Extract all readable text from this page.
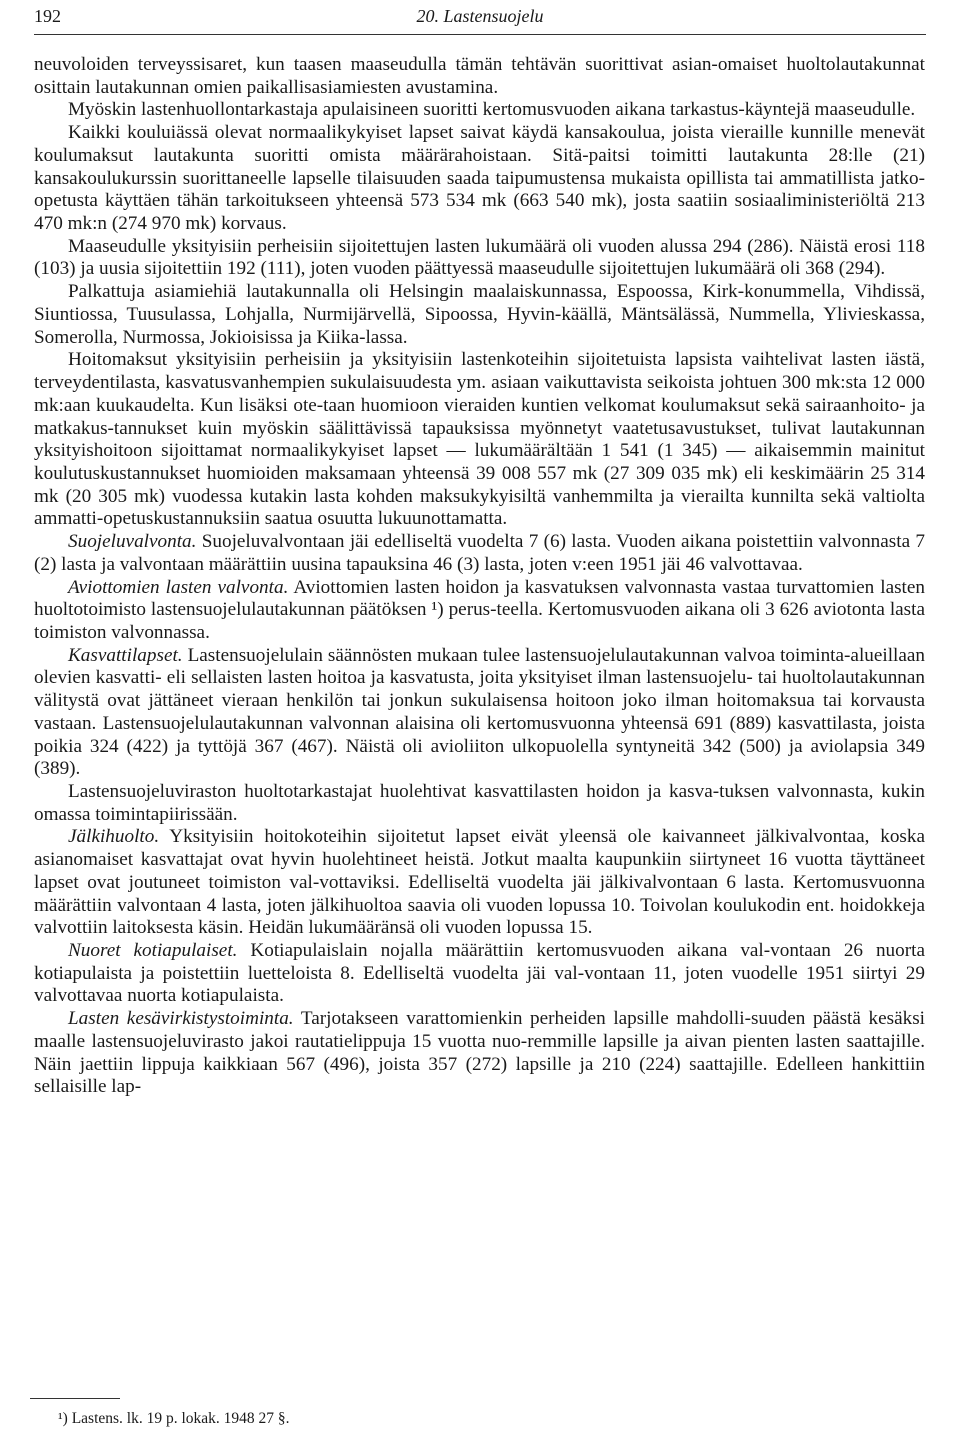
192	20. Lastensuojelu

neuvoloiden terveyssisaret, kun taasen maaseudulla tämän tehtävän suorittivat asian-omaiset huoltolautakunnat osittain lautakunnan omien paikallisasiamiesten avustamina.

Myöskin lastenhuollontarkastaja apulaisineen suoritti kertomusvuoden aikana tarkastus-käyntejä maaseudulle.

Kaikki kouluiässä olevat normaalikykyiset lapset saivat käydä kansakoulua, joista vieraille kunnille menevät koulumaksut lautakunta suoritti omista määrärahoistaan. Sitä-paitsi toimitti lautakunta 28:lle (21) kansakoulukurssin suorittaneelle lapselle tilaisuuden saada taipumustensa mukaista opillista tai ammatillista jatko-opetusta käyttäen tähän tarkoitukseen yhteensä 573 534 mk (663 540 mk), josta saatiin sosiaaliministeriöltä 213 470 mk:n (274 970 mk) korvaus.

Maaseudulle yksityisiin perheisiin sijoitettujen lasten lukumäärä oli vuoden alussa 294 (286). Näistä erosi 118 (103) ja uusia sijoitettiin 192 (111), joten vuoden päättyessä maaseudulle sijoitettujen lukumäärä oli 368 (294).

Palkattuja asiamiehiä lautakunnalla oli Helsingin maalaiskunnassa, Espoossa, Kirk-konummella, Vihdissä, Siuntiossa, Tuusulassa, Lohjalla, Nurmijärvellä, Sipoossa, Hyvin-käällä, Mäntsälässä, Nummella, Ylivieskassa, Somerolla, Nurmossa, Jokioisissa ja Kiika-lassa.

Hoitomaksut yksityisiin perheisiin ja yksityisiin lastenkoteihin sijoitetuista lapsista vaihtelivat lasten iästä, terveydentilasta, kasvatusvanhempien sukulaisuudesta ym. asiaan vaikuttavista seikoista johtuen 300 mk:sta 12 000 mk:aan kuukaudelta. Kun lisäksi ote-taan huomioon vieraiden kuntien velkomat koulumaksut sekä sairaanhoito- ja matkakus-tannukset kuin myöskin säälittävissä tapauksissa myönnetyt vaatetusavustukset, tulivat lautakunnan yksityishoitoon sijoittamat normaalikykyiset lapset — lukumäärältään 1 541 (1 345) — aikaisemmin mainitut koulutuskustannukset huomioiden maksamaan yhteensä 39 008 557 mk (27 309 035 mk) eli keskimäärin 25 314 mk (20 305 mk) vuodessa kutakin lasta kohden maksukykyisiltä vanhemmilta ja vierailta kunnilta sekä valtiolta ammatti-opetuskustannuksiin saatua osuutta lukuunottamatta.

Suojeluvalvonta. Suojeluvalvontaan jäi edelliseltä vuodelta 7 (6) lasta. Vuoden aikana poistettiin valvonnasta 7 (2) lasta ja valvontaan määrättiin uusina tapauksina 46 (3) lasta, joten v:een 1951 jäi 46 valvottavaa.

Aviottomien lasten valvonta. Aviottomien lasten hoidon ja kasvatuksen valvonnasta vastaa turvattomien lasten huoltotoimisto lastensuojelulautakunnan päätöksen ¹) perus-teella. Kertomusvuoden aikana oli 3 626 aviotonta lasta toimiston valvonnassa.

Kasvattilapset. Lastensuojelulain säännösten mukaan tulee lastensuojelulautakunnan valvoa toiminta-alueillaan olevien kasvatti- eli sellaisten lasten hoitoa ja kasvatusta, joita yksityiset ilman lastensuojelu- tai huoltolautakunnan välitystä ovat jättäneet vieraan henkilön tai jonkun sukulaisensa hoitoon joko ilman hoitomaksua tai korvausta vastaan. Lastensuojelulautakunnan valvonnan alaisina oli kertomusvuonna yhteensä 691 (889) kasvattilasta, joista poikia 324 (422) ja tyttöjä 367 (467). Näistä oli avioliiton ulkopuolella syntyneitä 342 (500) ja aviolapsia 349 (389).

Lastensuojeluviraston huoltotarkastajat huolehtivat kasvattilasten hoidon ja kasva-tuksen valvonnasta, kukin omassa toimintapiirissään.

Jälkihuolto. Yksityisiin hoitokoteihin sijoitetut lapset eivät yleensä ole kaivanneet jälkivalvontaa, koska asianomaiset kasvattajat ovat hyvin huolehtineet heistä. Jotkut maalta kaupunkiin siirtyneet 16 vuotta täyttäneet lapset ovat joutuneet toimiston val-vottaviksi. Edelliseltä vuodelta jäi jälkivalvontaan 6 lasta. Kertomusvuonna määrättiin valvontaan 4 lasta, joten jälkihuoltoa saavia oli vuoden lopussa 10. Toivolan koulukodin ent. hoidokkeja valvottiin laitoksesta käsin. Heidän lukumääränsä oli vuoden lopussa 15.

Nuoret kotiapulaiset. Kotiapulaislain nojalla määrättiin kertomusvuoden aikana val-vontaan 26 nuorta kotiapulaista ja poistettiin luetteloista 8. Edelliseltä vuodelta jäi val-vontaan 11, joten vuodelle 1951 siirtyi 29 valvottavaa nuorta kotiapulaista.

Lasten kesävirkistystoiminta. Tarjotakseen varattomienkin perheiden lapsille mahdolli-suuden päästä kesäksi maalle lastensuojeluvirasto jakoi rautatielippuja 15 vuotta nuo-remmille lapsille ja aivan pienten lasten saattajille. Näin jaettiin lippuja kaikkiaan 567 (496), joista 357 (272) lapsille ja 210 (224) saattajille. Edelleen hankittiin sellaisille lap-

¹) Lastens. lk. 19 p. lokak. 1948 27 §.
